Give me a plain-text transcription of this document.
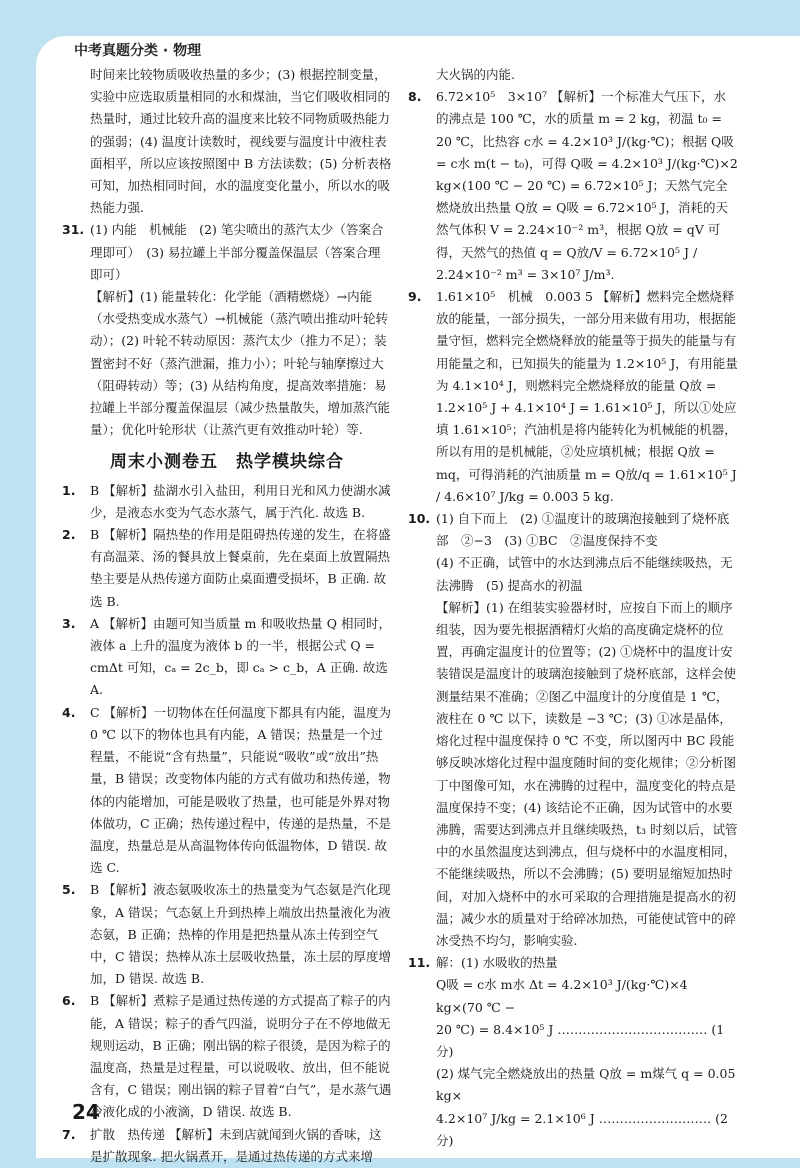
中考真题分类 · 物理
时间来比较物质吸收热量的多少；(3) 根据控制变量，实验中应选取质量相同的水和煤油，当它们吸收相同的热量时，通过比较升高的温度来比较不同物质吸热能力的强弱；(4) 温度计读数时，视线要与温度计中液柱表面相平，所以应该按照图中 B 方法读数；(5) 分析表格可知，加热相同时间，水的温度变化量小，所以水的吸热能力强.
31. (1) 内能　机械能　(2) 笔尖喷出的蒸汽太少（答案合理即可）　(3) 易拉罐上半部分覆盖保温层（答案合理即可）
【解析】(1) 能量转化：化学能（酒精燃烧）→内能（水受热变成水蒸气）→机械能（蒸汽喷出推动叶轮转动）；(2) 叶轮不转动原因：蒸汽太少（推力不足）；装置密封不好（蒸汽泄漏，推力小）；叶轮与轴摩擦过大（阻碍转动）等；(3) 从结构角度，提高效率措施：易拉罐上半部分覆盖保温层（减少热量散失，增加蒸汽能量）；优化叶轮形状（让蒸汽更有效推动叶轮）等.
周末小测卷五　热学模块综合
1. B 【解析】盐湖水引入盐田，利用日光和风力使湖水减少，是液态水变为气态水蒸气，属于汽化. 故选 B.
2. B 【解析】隔热垫的作用是阻碍热传递的发生，在将盛有高温菜、汤的餐具放上餐桌前，先在桌面上放置隔热垫主要是从热传递方面防止桌面遭受损坏，B 正确. 故选 B.
3. A 【解析】由题可知当质量 m 和吸收热量 Q 相同时，液体 a 上升的温度为液体 b 的一半，根据公式 Q = cmΔt 可知，cₐ = 2c_b，即 cₐ > c_b，A 正确. 故选 A.
4. C 【解析】一切物体在任何温度下都具有内能，温度为 0 ℃ 以下的物体也具有内能，A 错误；热量是一个过程量，不能说“含有热量”，只能说“吸收”或“放出”热量，B 错误；改变物体内能的方式有做功和热传递，物体的内能增加，可能是吸收了热量，也可能是外界对物体做功，C 正确；热传递过程中，传递的是热量，不是温度，热量总是从高温物体传向低温物体，D 错误. 故选 C.
5. B 【解析】液态氨吸收冻土的热量变为气态氨是汽化现象，A 错误；气态氨上升到热棒上端放出热量液化为液态氨，B 正确；热棒的作用是把热量从冻土传到空气中，C 错误；热棒从冻土层吸收热量，冻土层的厚度增加，D 错误. 故选 B.
6. B 【解析】煮粽子是通过热传递的方式提高了粽子的内能，A 错误；粽子的香气四溢，说明分子在不停地做无规则运动，B 正确；刚出锅的粽子很烫，是因为粽子的温度高，热量是过程量，可以说吸收、放出，但不能说含有，C 错误；刚出锅的粽子冒着“白气”，是水蒸气遇冷液化成的小液滴，D 错误. 故选 B.
7. 扩散　热传递 【解析】未到店就闻到火锅的香味，这是扩散现象. 把火锅煮开，是通过热传递的方式来增
大火锅的内能.
8. 6.72×10⁵　3×10⁷ 【解析】一个标准大气压下，水的沸点是 100 ℃，水的质量 m = 2 kg，初温 t₀ = 20 ℃，比热容 c水 = 4.2×10³ J/(kg·℃)；根据 Q吸 = c水 m(t − t₀)，可得 Q吸 = 4.2×10³ J/(kg·℃)×2 kg×(100 ℃ − 20 ℃) = 6.72×10⁵ J；天然气完全燃烧放出热量 Q放 = Q吸 = 6.72×10⁵ J，消耗的天然气体积 V = 2.24×10⁻² m³，根据 Q放 = qV 可得，天然气的热值 q = Q放/V = 6.72×10⁵ J / 2.24×10⁻² m³ = 3×10⁷ J/m³.
9. 1.61×10⁵　机械　0.003 5 【解析】燃料完全燃烧释放的能量，一部分损失，一部分用来做有用功，根据能量守恒，燃料完全燃烧释放的能量等于损失的能量与有用能量之和，已知损失的能量为 1.2×10⁵ J，有用能量为 4.1×10⁴ J，则燃料完全燃烧释放的能量 Q放 = 1.2×10⁵ J + 4.1×10⁴ J = 1.61×10⁵ J，所以①处应填 1.61×10⁵；汽油机是将内能转化为机械能的机器，所以有用的是机械能，②处应填机械；根据 Q放 = mq，可得消耗的汽油质量 m = Q放/q = 1.61×10⁵ J / 4.6×10⁷ J/kg = 0.003 5 kg.
10. (1) 自下而上　(2) ①温度计的玻璃泡接触到了烧杯底部　②−3　(3) ①BC　②温度保持不变
(4) 不正确，试管中的水达到沸点后不能继续吸热，无法沸腾　(5) 提高水的初温
【解析】(1) 在组装实验器材时，应按自下而上的顺序组装，因为要先根据酒精灯火焰的高度确定烧杯的位置，再确定温度计的位置等；(2) ①烧杯中的温度计安装错误是温度计的玻璃泡接触到了烧杯底部，这样会使测量结果不准确；②图乙中温度计的分度值是 1 ℃，液柱在 0 ℃ 以下，读数是 −3 ℃；(3) ①冰是晶体，熔化过程中温度保持 0 ℃ 不变，所以图丙中 BC 段能够反映冰熔化过程中温度随时间的变化规律；②分析图丁中图像可知，水在沸腾的过程中，温度变化的特点是温度保持不变；(4) 该结论不正确，因为试管中的水要沸腾，需要达到沸点并且继续吸热，t₃ 时刻以后，试管中的水虽然温度达到沸点，但与烧杯中的水温度相同，不能继续吸热，所以不会沸腾；(5) 要明显缩短加热时间，对加入烧杯中的水可采取的合理措施是提高水的初温；减少水的质量对于给碎冰加热，可能使试管中的碎冰受热不均匀，影响实验.
11. 解：(1) 水吸收的热量
Q吸 = c水 m水 Δt = 4.2×10³ J/(kg·℃)×4 kg×(70 ℃ −
20 ℃) = 8.4×10⁵ J ……………………………… (1 分)
(2) 煤气完全燃烧放出的热量 Q放 = m煤气 q = 0.05 kg×
4.2×10⁷ J/kg = 2.1×10⁶ J ……………………… (2 分)
24
